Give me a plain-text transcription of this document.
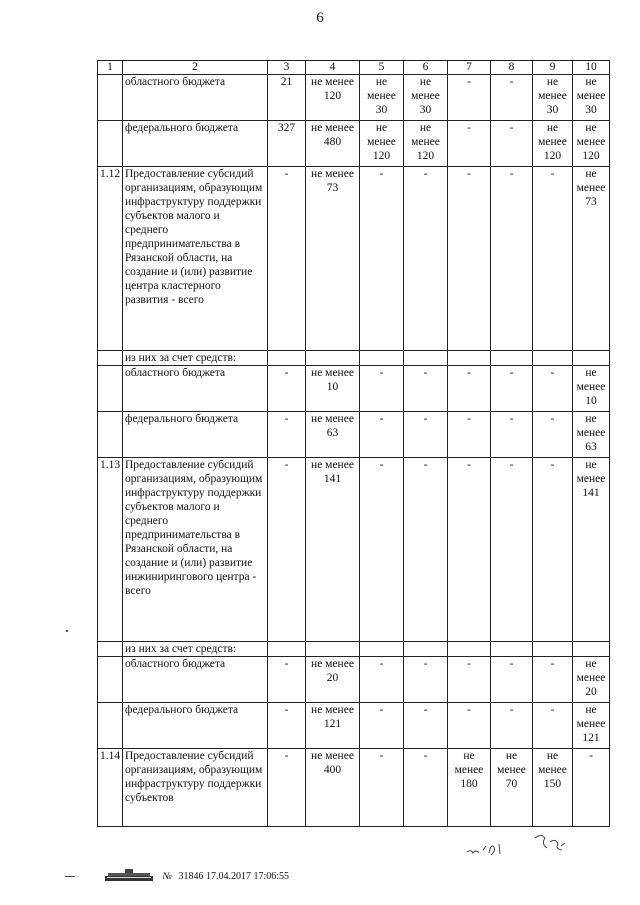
6
1	2	3	4	5	6	7	8	9	10
	областного бюджета	21	не менее 120	не менее 30	не менее 30	-	-	не менее 30	не менее 30
	федерального бюджета	327	не менее 480	не менее 120	не менее 120	-	-	не менее 120	не менее 120
1.12	Предоставление субсидий организациям, образующим инфраструктуру поддержки субъектов малого и среднего предпринимательства в Рязанской области, на создание и (или) развитие центра кластерного развития - всего	-	не менее 73	-	-	-	-	-	не менее 73
	из них за счет средств:								
	областного бюджета	-	не менее 10	-	-	-	-	-	не менее 10
	федерального бюджета	-	не менее 63	-	-	-	-	-	не менее 63
1.13	Предоставление субсидий организациям, образующим инфраструктуру поддержки субъектов малого и среднего предпринимательства в Рязанской области, на создание и (или) развитие инжинирингового центра - всего	-	не менее 141	-	-	-	-	-	не менее 141
	из них за счет средств:								
	областного бюджета	-	не менее 20	-	-	-	-	-	не менее 20
	федерального бюджета	-	не менее 121	-	-	-	-	-	не менее 121
1.14	Предоставление субсидий организациям, образующим инфраструктуру поддержки субъектов	-	не менее 400	-	-	не менее 180	не менее 70	не менее 150	-
№ 31846 17.04.2017 17:06:55
